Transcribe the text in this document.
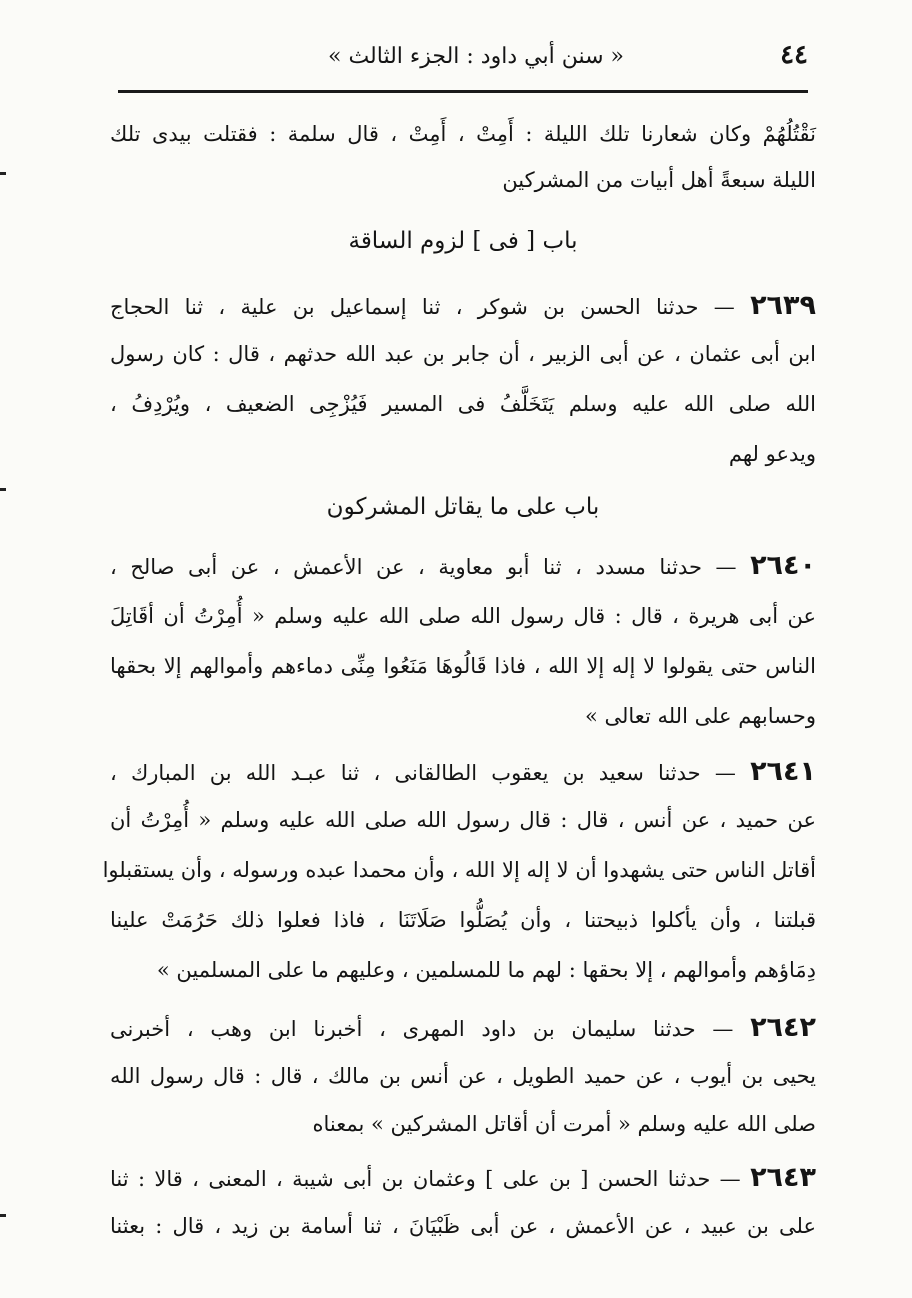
٤٤
« سنن أبي داود : الجزء الثالث »
نَقْتُلُهُمْ وكان شعارنا تلك الليلة : أَمِتْ ، أَمِتْ ، قال سلمة : فقتلت بيدى تلك
الليلة سبعةً أهل أبيات من المشركين
باب [ فى ] لزوم الساقة
٢٦٣٩ — حدثنا الحسن بن شوكر ، ثنا إسماعيل بن علية ، ثنا الحجاج
ابن أبى عثمان ، عن أبى الزبير ، أن جابر بن عبد الله حدثهم ، قال : كان رسول
الله صلى الله عليه وسلم يَتَخَلَّفُ فى المسير فَيُزْجِى الضعيف ، ويُرْدِفُ ،
ويدعو لهم
باب على ما يقاتل المشركون
٢٦٤٠ — حدثنا مسدد ، ثنا أبو معاوية ، عن الأعمش ، عن أبى صالح ،
عن أبى هريرة ، قال : قال رسول الله صلى الله عليه وسلم « أُمِرْتُ أن أقَاتِلَ
الناس حتى يقولوا لا إله إلا الله ، فاذا قَالُوهَا مَنَعُوا مِنِّى دماءهم وأموالهم إلا بحقها
وحسابهم على الله تعالى »
٢٦٤١ — حدثنا سعيد بن يعقوب الطالقانى ، ثنا عبـد الله بن المبارك ،
عن حميد ، عن أنس ، قال : قال رسول الله صلى الله عليه وسلم « أُمِرْتُ أن
أقاتل الناس حتى يشهدوا أن لا إله إلا الله ، وأن محمدا عبده ورسوله ، وأن يستقبلوا
قبلتنا ، وأن يأكلوا ذبيحتنا ، وأن يُصَلُّوا صَلَاتَنَا ، فاذا فعلوا ذلك حَرُمَتْ علينا
دِمَاؤهم وأموالهم ، إلا بحقها : لهم ما للمسلمين ، وعليهم ما على المسلمين »
٢٦٤٢ — حدثنا سليمان بن داود المهرى ، أخبرنا ابن وهب ، أخبرنى
يحيى بن أيوب ، عن حميد الطويل ، عن أنس بن مالك ، قال : قال رسول الله
صلى الله عليه وسلم « أمرت أن أقاتل المشركين » بمعناه
٢٦٤٣ — حدثنا الحسن [ بن على ] وعثمان بن أبى شيبة ، المعنى ، قالا : ثنا
على بن عبيد ، عن الأعمش ، عن أبى ظَبْيَانَ ، ثنا أسامة بن زيد ، قال : بعثنا
